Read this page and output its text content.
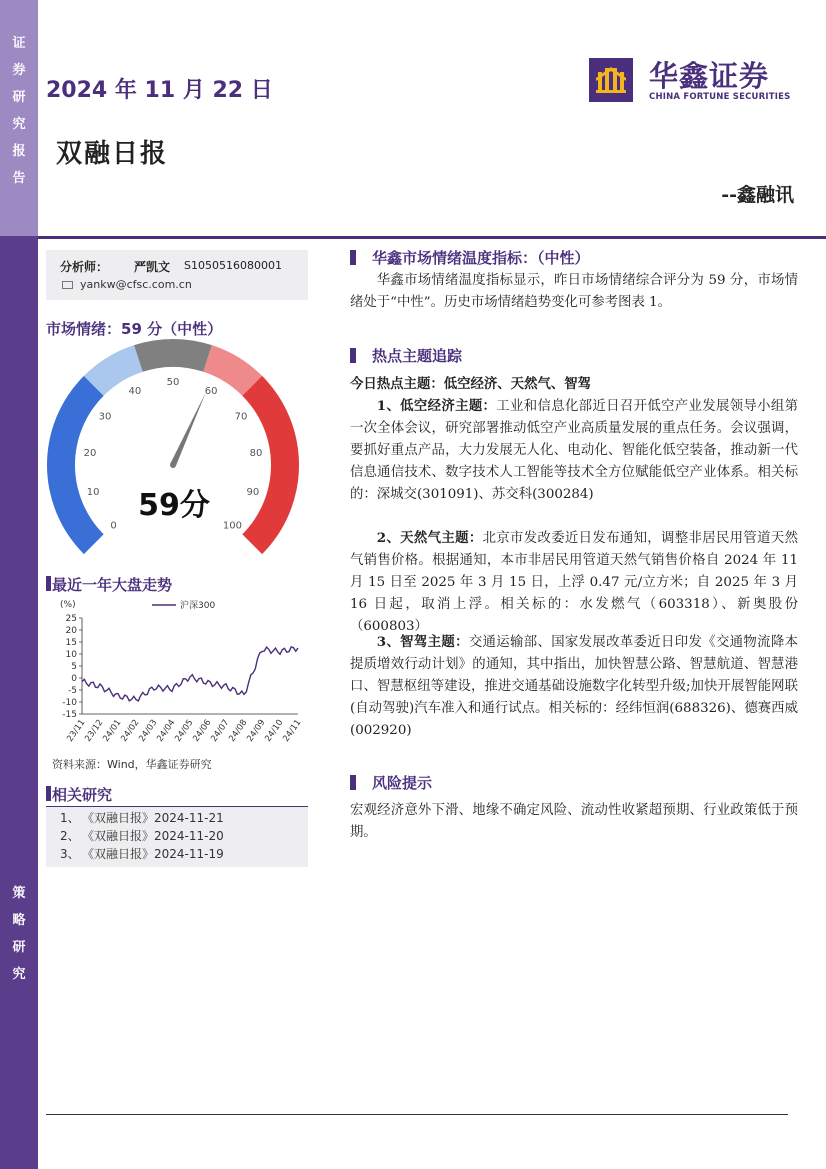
证
券
研
究
报
告
策
略
研
究
2024 年 11 月 22 日
双融日报
--鑫融讯
华鑫证券
CHINA FORTUNE SECURITIES
分析师： 严凯文 S1050516080001
yankw@cfsc.com.cn
市场情绪：59 分（中性）
0
10
20
30
40
50
60
70
80
90
100
59分
最近一年大盘走势
25
20
15
10
5
0
-5
-10
-15
23/11
23/12
24/01
24/02
24/03
24/04
24/05
24/06
24/07
24/08
24/09
24/10
24/11
沪深300
(%)
资料来源：Wind，华鑫证券研究
相关研究
1、 《双融日报》2024-11-21
2、 《双融日报》2024-11-20
3、 《双融日报》2024-11-19
华鑫市场情绪温度指标：（中性）
华鑫市场情绪温度指标显示，昨日市场情绪综合评分为 59 分，市场情绪处于“中性”。历史市场情绪趋势变化可参考图表 1。
热点主题追踪
今日热点主题：低空经济、天然气、智驾
1、低空经济主题：工业和信息化部近日召开低空产业发展领导小组第一次全体会议，研究部署推动低空产业高质量发展的重点任务。会议强调，要抓好重点产品，大力发展无人化、电动化、智能化低空装备，推动新一代信息通信技术、数字技术人工智能等技术全方位赋能低空产业体系。相关标的：深城交(301091)、苏交科(300284)
2、天然气主题：北京市发改委近日发布通知，调整非居民用管道天然气销售价格。根据通知，本市非居民用管道天然气销售价格自 2024 年 11 月 15 日至 2025 年 3 月 15 日，上浮 0.47 元/立方米；自 2025 年 3 月 16 日起，取消上浮。相关标的：水发燃气（603318）、新奥股份（600803）
3、智驾主题：交通运输部、国家发展改革委近日印发《交通物流降本提质增效行动计划》的通知，其中指出，加快智慧公路、智慧航道、智慧港口、智慧枢纽等建设，推进交通基础设施数字化转型升级;加快开展智能网联(自动驾驶)汽车准入和通行试点。相关标的：经纬恒润(688326)、德赛西威(002920)
风险提示
宏观经济意外下滑、地缘不确定风险、流动性收紧超预期、行业政策低于预期。
